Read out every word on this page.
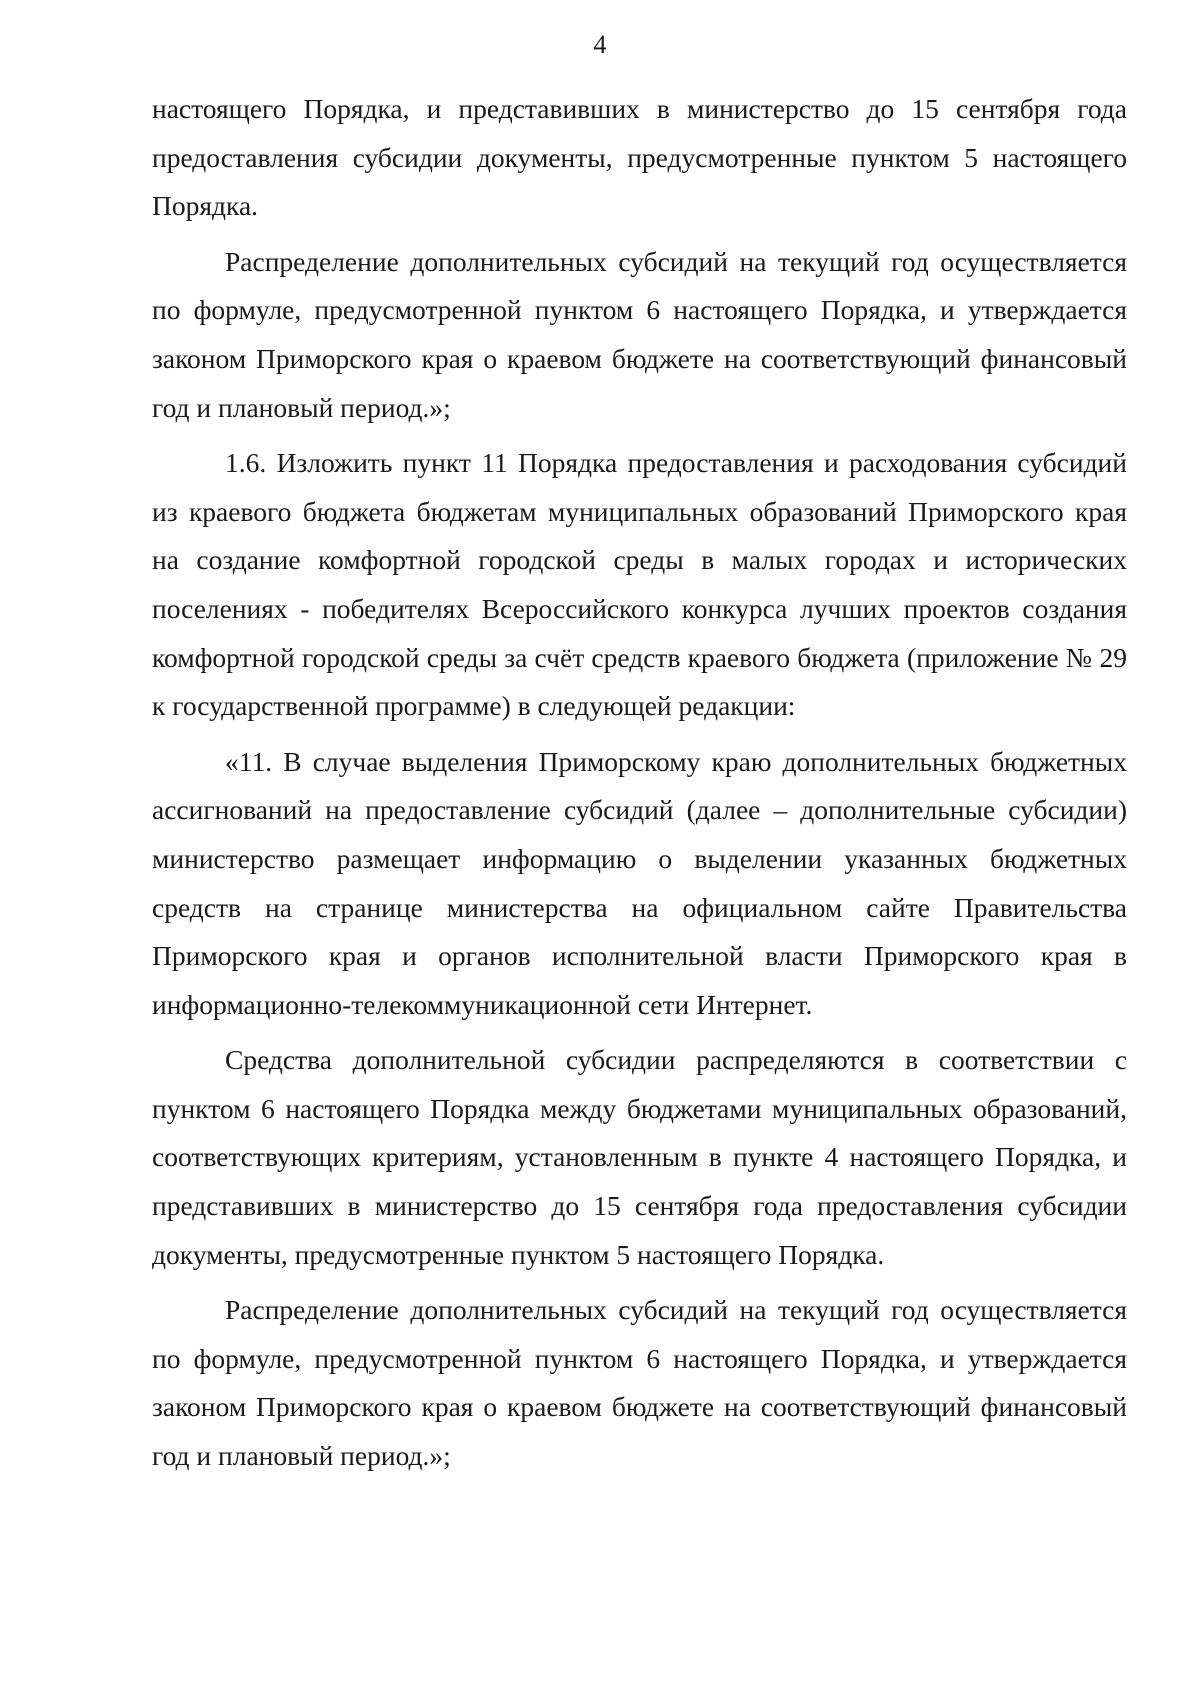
4

настоящего Порядка, и представивших в министерство до 15 сентября года предоставления субсидии документы, предусмотренные пунктом 5 настоящего Порядка.

Распределение дополнительных субсидий на текущий год осуществляется по формуле, предусмотренной пунктом 6 настоящего Порядка, и утверждается законом Приморского края о краевом бюджете на соответствующий финансовый год и плановый период.»;

1.6. Изложить пункт 11 Порядка предоставления и расходования субсидий из краевого бюджета бюджетам муниципальных образований Приморского края на создание комфортной городской среды в малых городах и исторических поселениях - победителях Всероссийского конкурса лучших проектов создания комфортной городской среды за счёт средств краевого бюджета (приложение № 29 к государственной программе) в следующей редакции:

«11. В случае выделения Приморскому краю дополнительных бюджетных ассигнований на предоставление субсидий (далее – дополнительные субсидии) министерство размещает информацию о выделении указанных бюджетных средств на странице министерства на официальном сайте Правительства Приморского края и органов исполнительной власти Приморского края в информационно-телекоммуникационной сети Интернет.

Средства дополнительной субсидии распределяются в соответствии с пунктом 6 настоящего Порядка между бюджетами муниципальных образований, соответствующих критериям, установленным в пункте 4 настоящего Порядка, и представивших в министерство до 15 сентября года предоставления субсидии документы, предусмотренные пунктом 5 настоящего Порядка.

Распределение дополнительных субсидий на текущий год осуществляется по формуле, предусмотренной пунктом 6 настоящего Порядка, и утверждается законом Приморского края о краевом бюджете на соответствующий финансовый год и плановый период.»;
